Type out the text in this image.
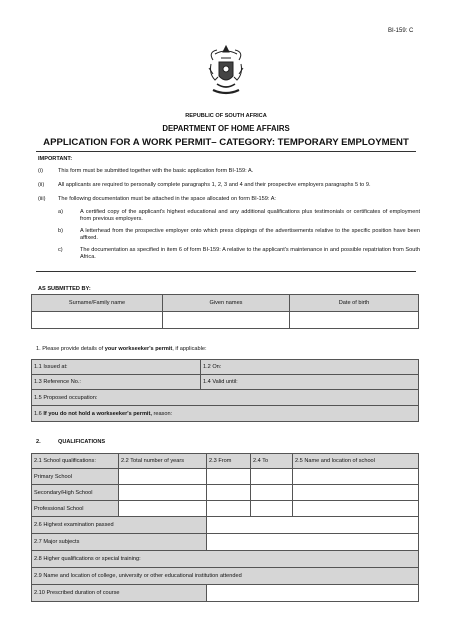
BI-159: C
REPUBLIC OF SOUTH AFRICA
DEPARTMENT OF HOME AFFAIRS
APPLICATION FOR A WORK PERMIT– CATEGORY: TEMPORARY EMPLOYMENT
IMPORTANT:
(i)	This form must be submitted together with the basic application form BI-159: A.
(ii)	All applicants are required to personally complete paragraphs 1, 2, 3 and 4 and their prospective employers paragraphs 5 to 9.
(iii)	The following documentation must be attached in the space allocated on form BI-159: A:
a)	A certified copy of the applicant's highest educational and any additional qualifications plus testimonials or certificates of employment from previous employers.
b)	A letterhead from the prospective employer onto which press clippings of the advertisements relative to the specific position have been affixed.
c)	The documentation as specified in item 6 of form BI-159: A relative to the applicant's maintenance in and possible repatriation from South Africa.
AS SUBMITTED BY:
Surname/Family name	Given names	Date of birth

1. Please provide details of your workseeker's permit, if applicable:
1.1 Issued at:	1.2 On:
1.3 Reference No.:	1.4 Valid until:
1.5 Proposed occupation:	
1.6 If you do not hold a workseeker's permit, reason:	
2.	QUALIFICATIONS
2.1 School qualifications:	2.2 Total number of years	2.3 From	2.4 To	2.5 Name and location of school
Primary School				
Secondary/High School				
Professional School				
2.6 Highest examination passed				
2.7 Major subjects				
2.8 Higher qualifications or special training:				
2.9 Name and location of college, university or other educational institution attended				
2.10 Prescribed duration of course				
